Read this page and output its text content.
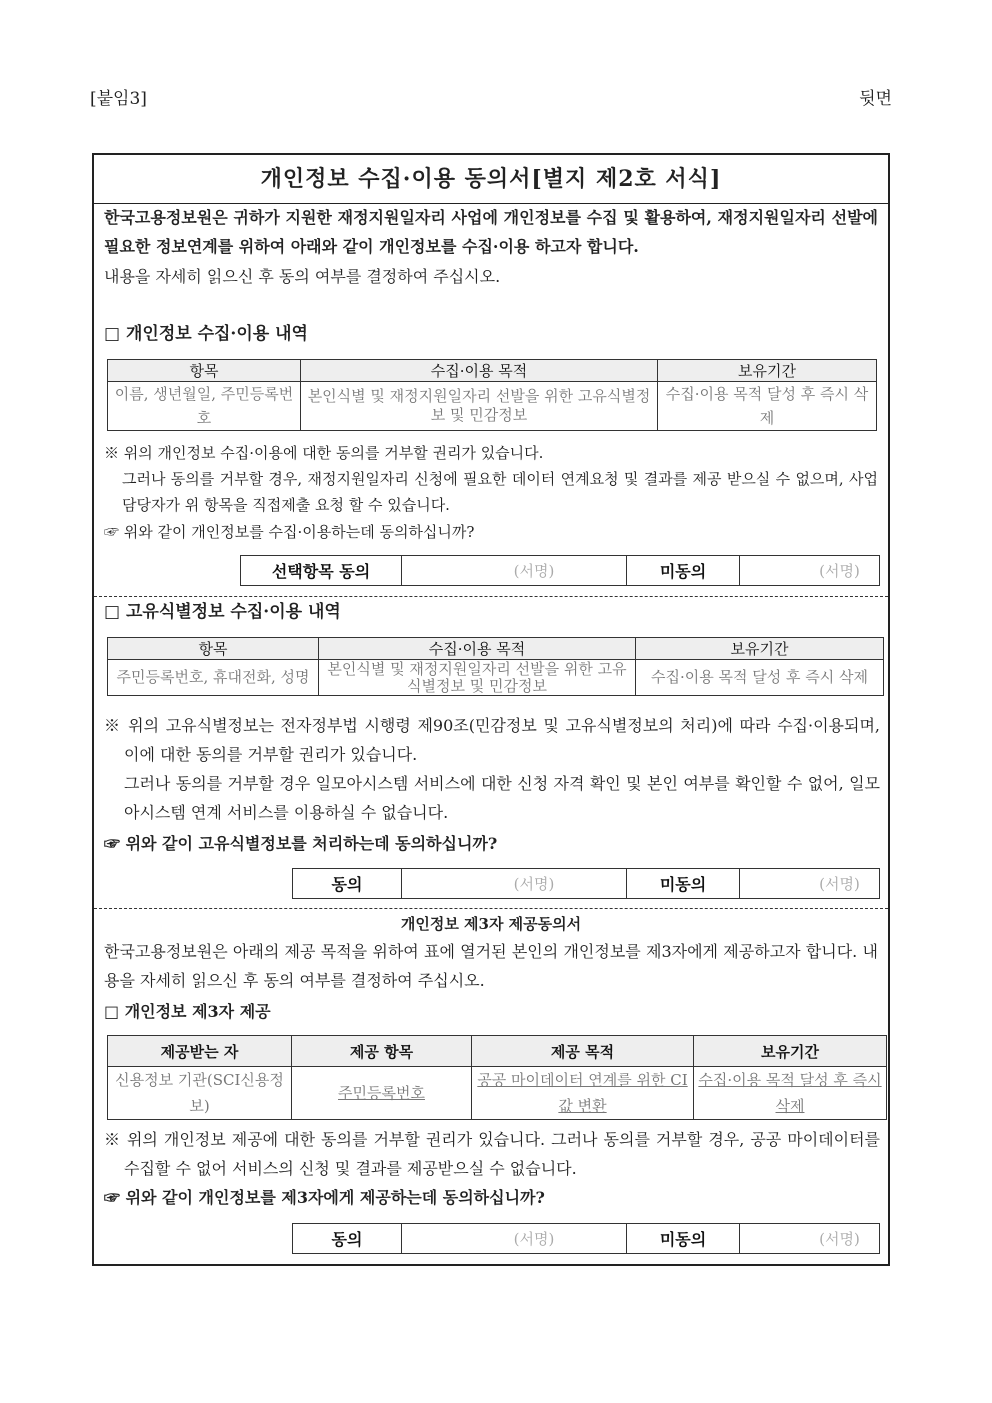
[붙임3]	뒷면
개인정보 수집·이용 동의서[별지 제2호 서식]
한국고용정보원은 귀하가 지원한 재정지원일자리 사업에 개인정보를 수집 및 활용하여, 재정지원일자리 선발에 필요한 정보연계를 위하여 아래와 같이 개인정보를 수집·이용 하고자 합니다.
내용을 자세히 읽으신 후 동의 여부를 결정하여 주십시오.
□ 개인정보 수집·이용 내역
항목	수집·이용 목적	보유기간
이름, 생년월일, 주민등록번호	본인식별 및 재정지원일자리 선발을 위한 고유식별정보 및 민감정보	수집·이용 목적 달성 후 즉시 삭제
※ 위의 개인정보 수집·이용에 대한 동의를 거부할 권리가 있습니다.
그러나 동의를 거부할 경우, 재정지원일자리 신청에 필요한 데이터 연계요청 및 결과를 제공 받으실 수 없으며, 사업담당자가 위 항목을 직접제출 요청 할 수 있습니다.
☞ 위와 같이 개인정보를 수집·이용하는데 동의하십니까?
선택항목 동의	(서명)	미동의	(서명)
□ 고유식별정보 수집·이용 내역
항목	수집·이용 목적	보유기간
주민등록번호, 휴대전화, 성명	본인식별 및 재정지원일자리 선발을 위한 고유식별정보 및 민감정보	수집·이용 목적 달성 후 즉시 삭제
※ 위의 고유식별정보는 전자정부법 시행령 제90조(민감정보 및 고유식별정보의 처리)에 따라 수집·이용되며, 이에 대한 동의를 거부할 권리가 있습니다.
그러나 동의를 거부할 경우 일모아시스템 서비스에 대한 신청 자격 확인 및 본인 여부를 확인할 수 없어, 일모아시스템 연계 서비스를 이용하실 수 없습니다.
☞ 위와 같이 고유식별정보를 처리하는데 동의하십니까?
동의	(서명)	미동의	(서명)
개인정보 제3자 제공동의서
한국고용정보원은 아래의 제공 목적을 위하여 표에 열거된 본인의 개인정보를 제3자에게 제공하고자 합니다. 내용을 자세히 읽으신 후 동의 여부를 결정하여 주십시오.
□ 개인정보 제3자 제공
제공받는 자	제공 항목	제공 목적	보유기간
신용정보 기관(SCI신용정보)	주민등록번호	공공 마이데이터 연계를 위한 CI값 변환	수집·이용 목적 달성 후 즉시 삭제
※ 위의 개인정보 제공에 대한 동의를 거부할 권리가 있습니다. 그러나 동의를 거부할 경우, 공공 마이데이터를 수집할 수 없어 서비스의 신청 및 결과를 제공받으실 수 없습니다.
☞ 위와 같이 개인정보를 제3자에게 제공하는데 동의하십니까?
동의	(서명)	미동의	(서명)
